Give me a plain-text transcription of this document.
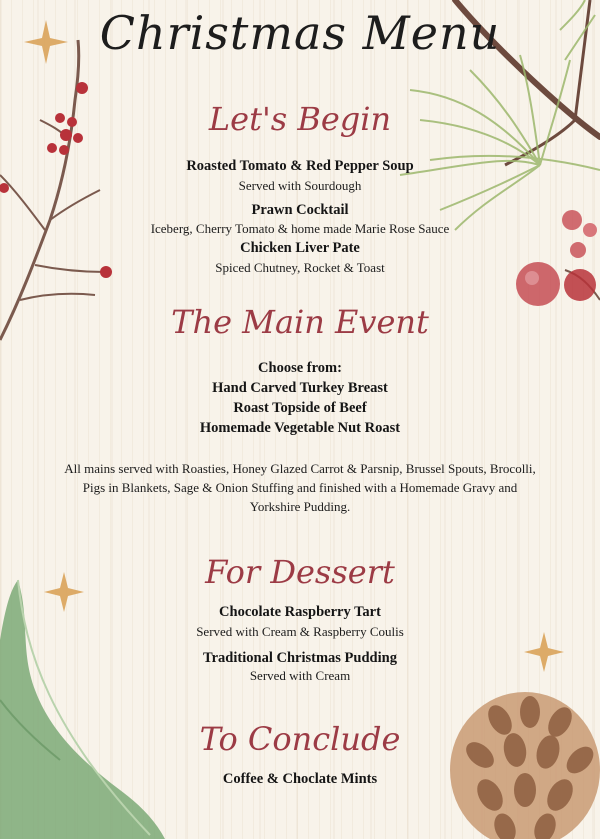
Christmas Menu
Let's Begin
Roasted Tomato & Red Pepper Soup
Served with Sourdough
Prawn Cocktail
Iceberg, Cherry Tomato & home made Marie Rose Sauce
Chicken Liver Pate
Spiced Chutney, Rocket & Toast
The Main Event
Choose from:
Hand Carved Turkey Breast
Roast Topside of Beef
Homemade Vegetable Nut Roast
All mains served with Roasties, Honey Glazed Carrot & Parsnip, Brussel Spouts, Brocolli, Pigs in Blankets, Sage & Onion Stuffing and finished with a Homemade Gravy and Yorkshire Pudding.
For Dessert
Chocolate Raspberry Tart
Served with Cream & Raspberry Coulis
Traditional Christmas Pudding
Served with Cream
To Conclude
Coffee & Choclate Mints
